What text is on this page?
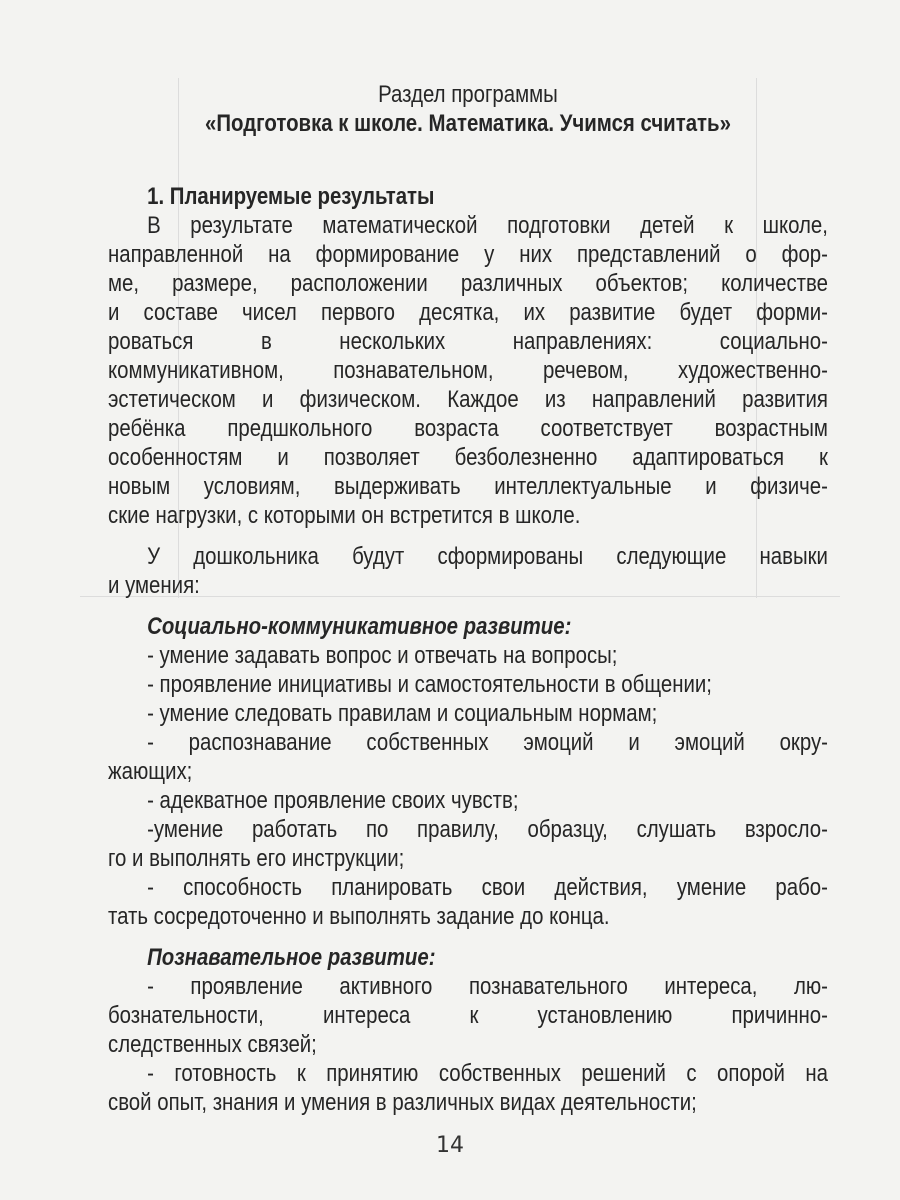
Раздел программы
«Подготовка к школе. Математика. Учимся считать»
1. Планируемые результаты
В результате математической подготовки детей к школе,
направленной на формирование у них представлений о фор-
ме, размере, расположении различных объектов; количестве
и составе чисел первого десятка, их развитие будет форми-
роваться в нескольких направлениях: социально-
коммуникативном, познавательном, речевом, художественно-
эстетическом и физическом. Каждое из направлений развития
ребёнка предшкольного возраста соответствует возрастным
особенностям и позволяет безболезненно адаптироваться к
новым условиям, выдерживать интеллектуальные и физиче-
ские нагрузки, с которыми он встретится в школе.
У дошкольника будут сформированы следующие навыки
и умения:
Социально-коммуникативное развитие:
- умение задавать вопрос и отвечать на вопросы;
- проявление инициативы и самостоятельности в общении;
- умение следовать правилам и социальным нормам;
- распознавание собственных эмоций и эмоций окру-
жающих;
- адекватное проявление своих чувств;
-умение работать по правилу, образцу, слушать взросло-
го и выполнять его инструкции;
- способность планировать свои действия, умение рабо-
тать сосредоточенно и выполнять задание до конца.
Познавательное развитие:
- проявление активного познавательного интереса, лю-
бознательности, интереса к установлению причинно-
следственных связей;
- готовность к принятию собственных решений с опорой на
свой опыт, знания и умения в различных видах деятельности;
14
